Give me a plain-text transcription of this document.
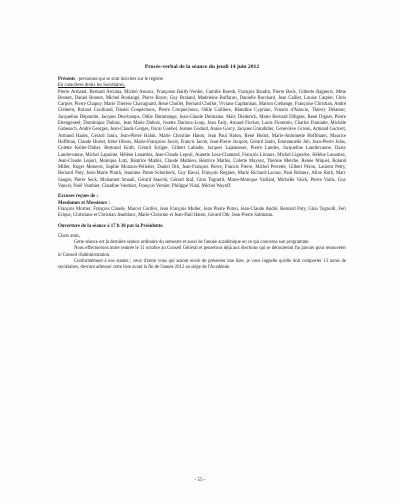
Procès-verbal de la séance du jeudi 14 juin 2012

Présents : personnes qui se sont inscrites sur le registre

En caractères droits les Sociétaires.

Pierre Armand, Bernard Arciana, Michel Arnoux, Françoise Bailly-Verdot, Camille Bareth, François Baudin, Pierre Beck, Gilberte Bagneris, Mme Bonnet, Daniel Bonnet, Michel Boulangé, Pierre Boyer, Guy Braland, Madeleine Buffaron, Danielle Burckard, Jean Caillet, Louise Carpier, Chris Carpier, Pierre Chapuy, Marie Thérèse Chavagnard, René Chollet, Bernard Chollot, Viviane Capitanhan, Marion Crebange, Françoise Christian, André Clément, Roland Coulliaud, Daniel Coupechoux, Pierre Croquechoux, Odile Cuilliere, Blandine Cypriani, Francis d'Alascio, Thierry Delatour, Jacqueline Dépondre, Jacques Deschamps, Odile Dommange, Jean-Claude Dermaine, Marc Diederich, Marie Bernard Diligent, René Dignet, Pierre Ettengeneel, Dominique Dubrac, Jean Marie Dubois, Josette Durieux-Loup, Jean Fady, Arnaud Fischer, Louis Florentin, Charles Franiatte, Michèle Gabeusch, André Georges, Jean-Claude Gerges, Oscar Goebel, Jeanne Godard, Annie Gorcy, Jacques Grandidier, Geneviève Grison, Armand Guckert, Armand Haabs, Gérard Janin, Jean-Pierre Haluk, Marie Christine Haton, Jean Paul Haton, René Hodot, Marie-Antoinette Hoffmann, Maurice Hoffman, Claude Huriet, Irène Illieux, Marie-Françoise Jacob, Francis Jacob, Jean-Pierre Jacquot, Gérard Janin, Emmanuelle Job, Jean-Pierre Jolas, Colette Keller-Didier, Bertrand Kraft, Gérard Krüger, Gilbert Labadie, Jacques Lajeunesse, Pierre Landes, Jacqueline Landrevanne, Daisy Landrevanne, Michel Lapointe, Hélène Lenattiez, Jean-Claude Lepori, Annette Lesa-Chamard, François Limaux, Michel Lignorbe, Hélène Lenattiez, Jean-Claude Lepori, Monique Lutz, Béatrice Mathis, Claude Mathieu, Béatrice Mathis, Colette Mayour, Thérèse Metche, Renée Miquel, Roland Millet, Roger Monerot, Sophie Monzon-Pelletier, Daniel Oth, Jean-François Pierre, Francis Pierre, Michel Perrette, Gilbert Pérou, Laurent Petry, Bernard Poty, Jean-Marie Pirath, Jeannine Puton-Scherbeck, Guy Raval, François Regnier, Marie Richard-Lacour, Paul Robaux, Aline Roth, Marc Sauget, Pierre Seck, Mohamed Smaali, Gérard Staechi, Gérard Staf, Gino Tognolli, Marie-Monique Vaillant, Michelle Valck, Pierre Valck, Guy Vancel, Noël Vauthier, Claudine Vauthier, François Vernier, Philippe Vidal, Michel Wayoff.

Excuses reçues de :

Mesdames et Messieurs :

François Mortier, François Claude, Marcel Cordier, Jean François Muller, Jean Pierre Puton, Jean-Claude André, Bernard Poty, Gino Tognolli, Feri Erique, Christiane et Christian Jeanblanc, Marie-Christine et Jean-Paul Haton, Gérard Oth, Jean-Pierre Saltmann.

Ouverture de la séance à 17 h 30 par la Présidente.

Chers amis,

Cette séance est la dernière séance ordinaire du semestre et aussi de l'année académique en ce qui concerne son programme.

Nous effectuerons notre rentrée le 11 octobre au Conseil Général et penserons déjà aux élections qui se dérouleront fin janvier pour renouveler le Conseil d'administration.

Conformément à nos statuts ; ceux d'entre vous qui auront envie de présenter une liste, je vous rappelle qu'elle doit comporter 13 noms de sociétaires, devront adresser cette liste avant la fin de l'année 2012 au siège de l'Académie.

- 55 -
